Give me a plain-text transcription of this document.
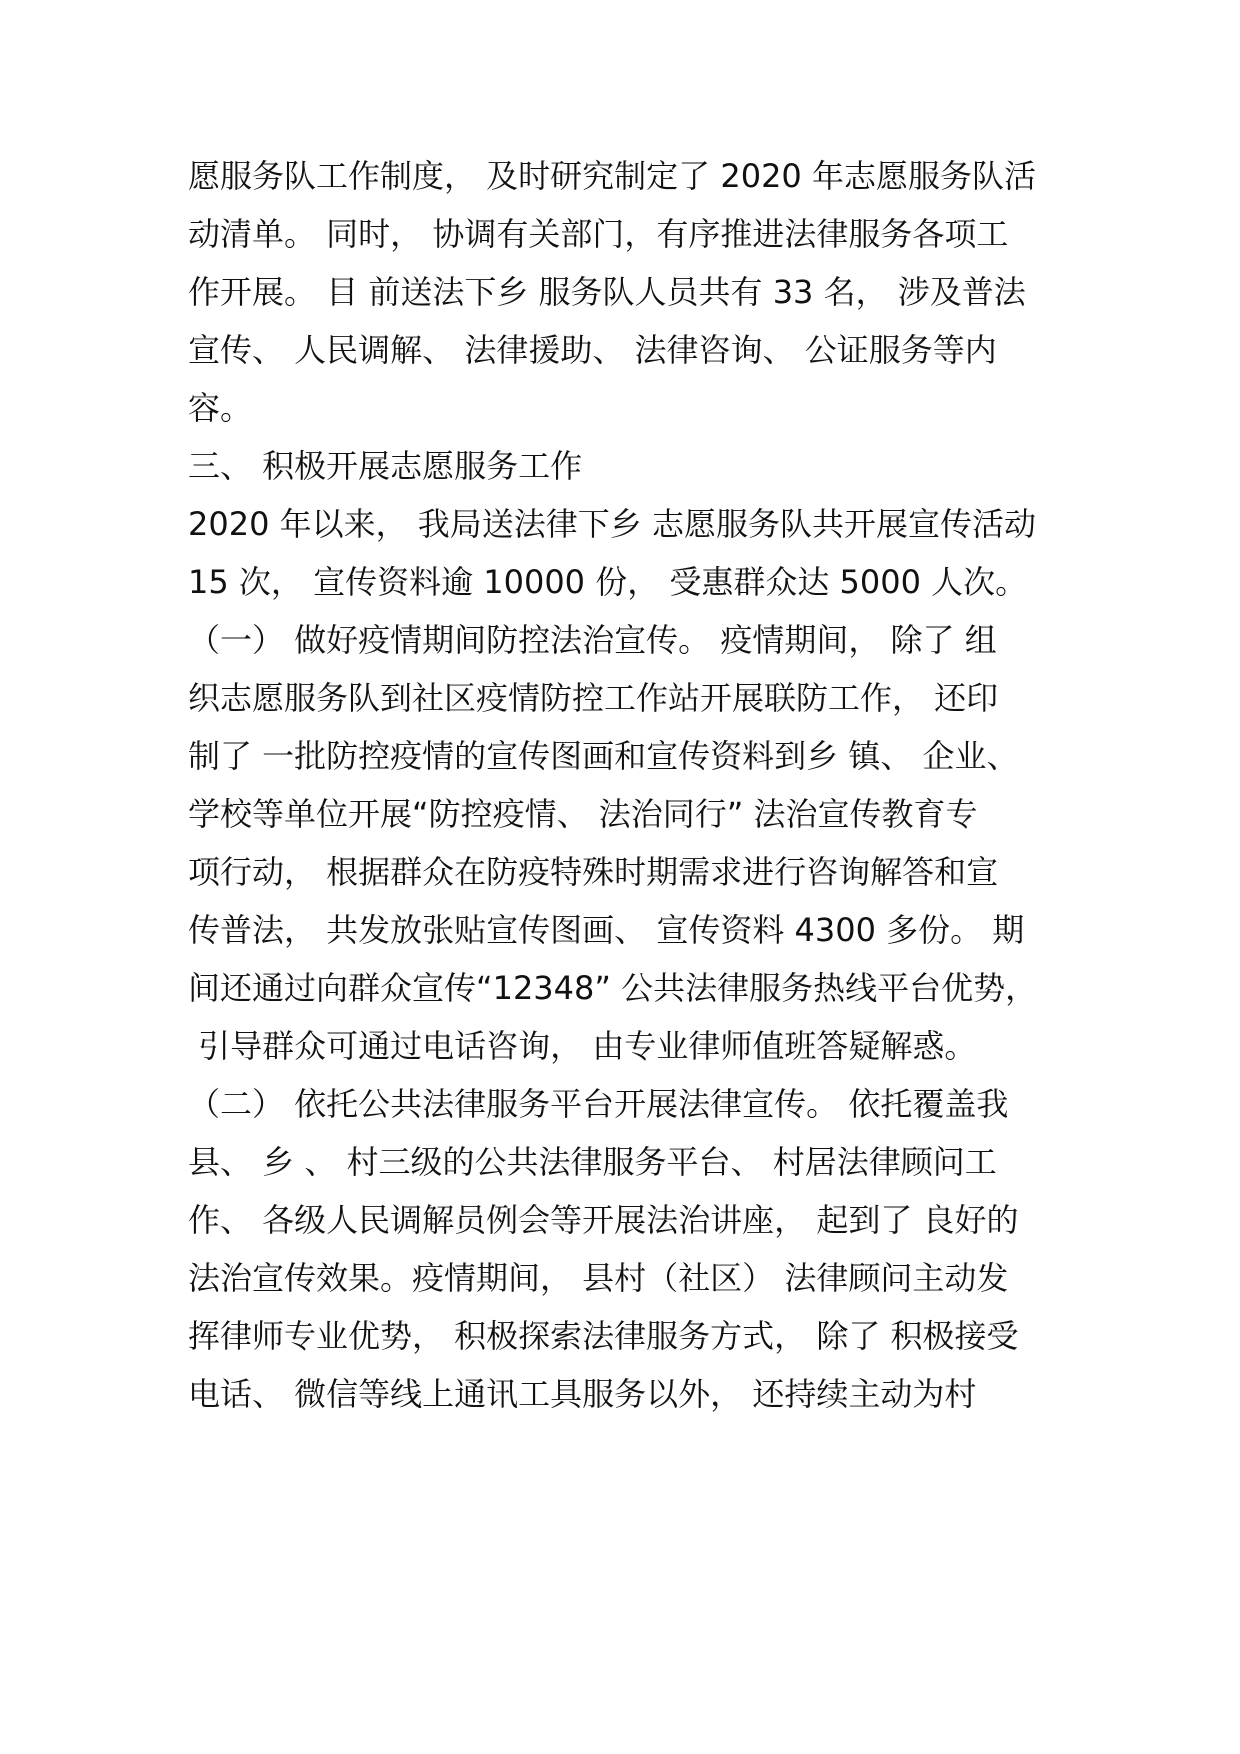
愿服务队工作制度， 及时研究制定了 2020 年志愿服务队活
动清单。 同时， 协调有关部门，有序推进法律服务各项工
作开展。 目 前送法下乡 服务队人员共有 33 名， 涉及普法
宣传、 人民调解、 法律援助、 法律咨询、 公证服务等内
容。
三、 积极开展志愿服务工作
2020 年以来， 我局送法律下乡 志愿服务队共开展宣传活动
15 次， 宣传资料逾 10000 份， 受惠群众达 5000 人次。
（一） 做好疫情期间防控法治宣传。 疫情期间， 除了 组
织志愿服务队到社区疫情防控工作站开展联防工作， 还印
制了 一批防控疫情的宣传图画和宣传资料到乡 镇、 企业、
学校等单位开展“防控疫情、 法治同行” 法治宣传教育专
项行动， 根据群众在防疫特殊时期需求进行咨询解答和宣
传普法， 共发放张贴宣传图画、 宣传资料 4300 多份。 期
间还通过向群众宣传“12348” 公共法律服务热线平台优势，
引导群众可通过电话咨询， 由专业律师值班答疑解惑。
（二） 依托公共法律服务平台开展法律宣传。 依托覆盖我
县、 乡 、 村三级的公共法律服务平台、 村居法律顾问工
作、 各级人民调解员例会等开展法治讲座， 起到了 良好的
法治宣传效果。疫情期间， 县村（社区） 法律顾问主动发
挥律师专业优势， 积极探索法律服务方式， 除了 积极接受
电话、 微信等线上通讯工具服务以外， 还持续主动为村
